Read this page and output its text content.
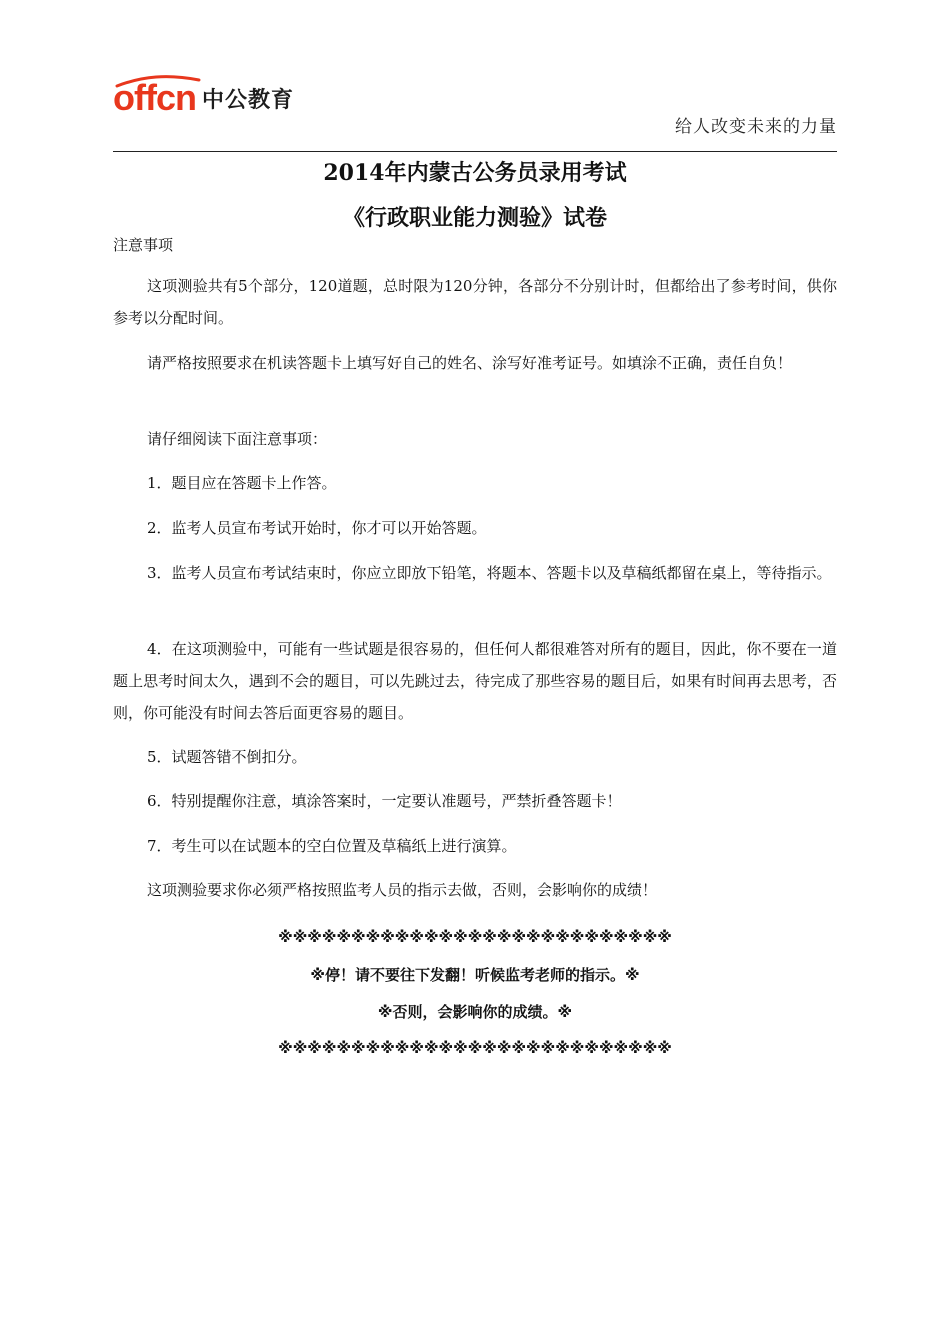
offcn 中公教育
给人改变未来的力量
2014年内蒙古公务员录用考试
《行政职业能力测验》试卷
注意事项
这项测验共有5个部分，120道题，总时限为120分钟，各部分不分别计时，但都给出了参考时间，供你参考以分配时间。
请严格按照要求在机读答题卡上填写好自己的姓名、涂写好准考证号。如填涂不正确，责任自负！
请仔细阅读下面注意事项：
1．题目应在答题卡上作答。
2．监考人员宣布考试开始时，你才可以开始答题。
3．监考人员宣布考试结束时，你应立即放下铅笔，将题本、答题卡以及草稿纸都留在桌上，等待指示。
4．在这项测验中，可能有一些试题是很容易的，但任何人都很难答对所有的题目，因此，你不要在一道题上思考时间太久，遇到不会的题目，可以先跳过去，待完成了那些容易的题目后，如果有时间再去思考，否则，你可能没有时间去答后面更容易的题目。
5．试题答错不倒扣分。
6．特别提醒你注意，填涂答案时，一定要认准题号，严禁折叠答题卡！
7．考生可以在试题本的空白位置及草稿纸上进行演算。
这项测验要求你必须严格按照监考人员的指示去做，否则，会影响你的成绩！
※※※※※※※※※※※※※※※※※※※※※※※※※※※
※停！请不要往下发翻！听候监考老师的指示。※
※否则，会影响你的成绩。※
※※※※※※※※※※※※※※※※※※※※※※※※※※※
